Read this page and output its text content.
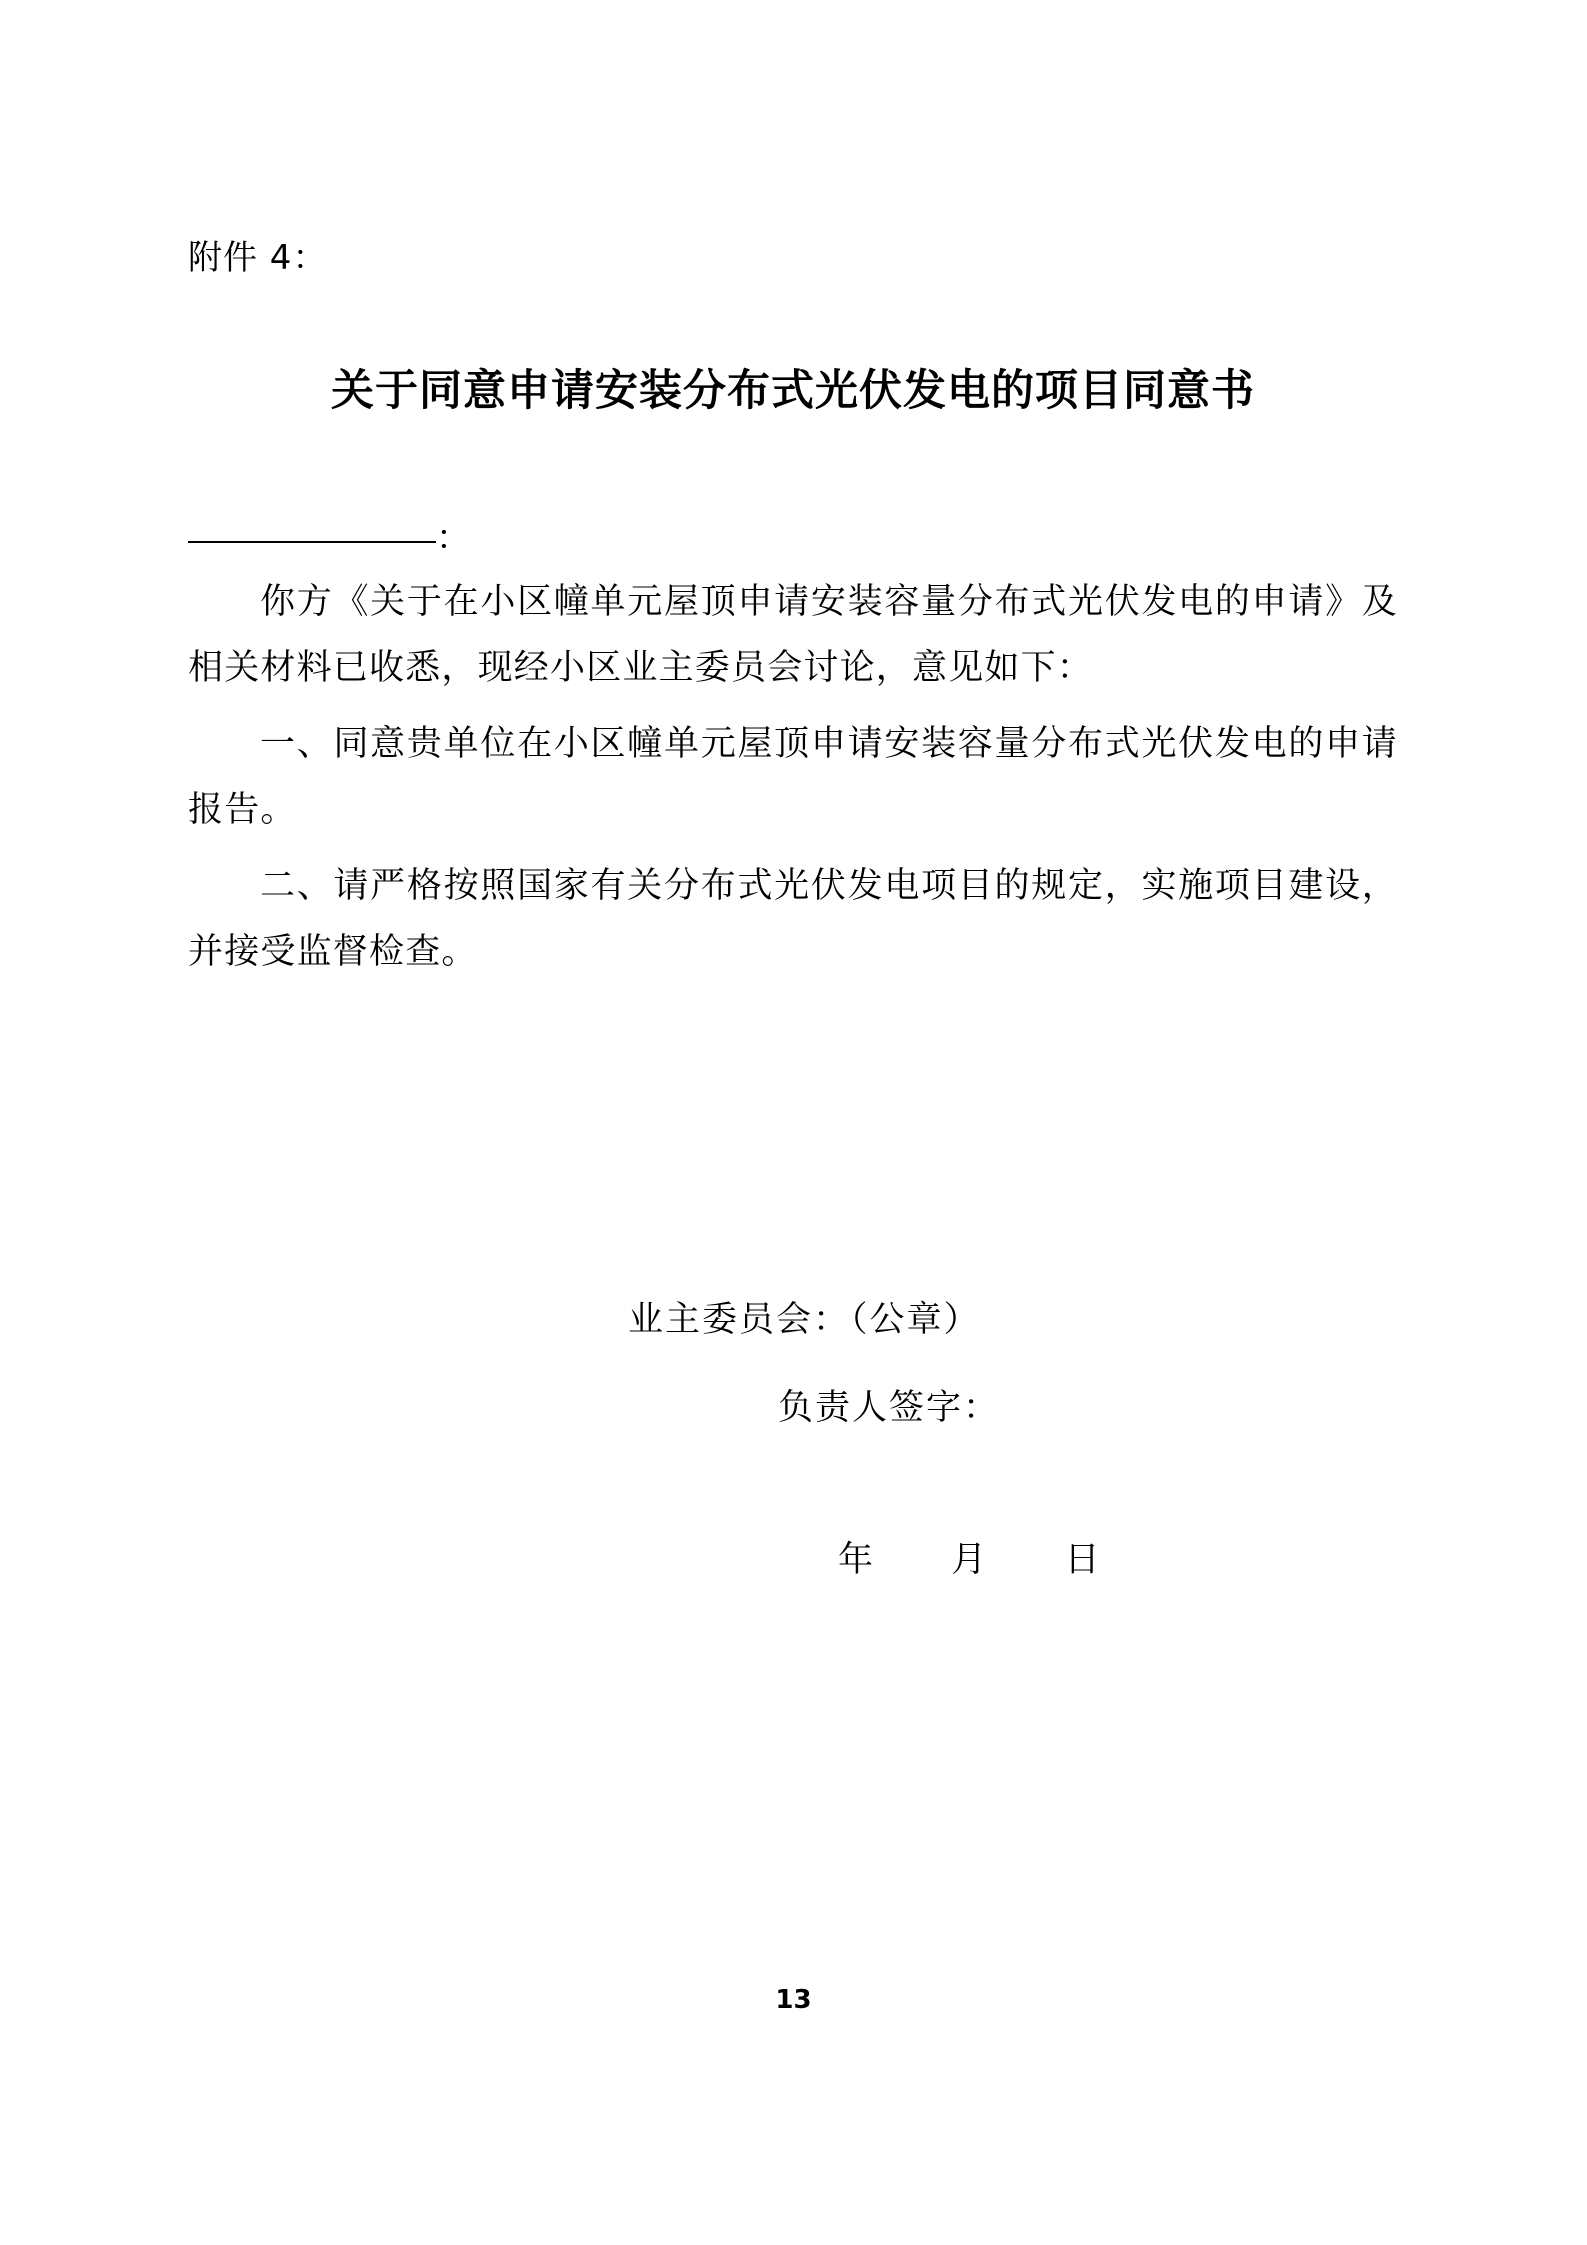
附件 4：
关于同意申请安装分布式光伏发电的项目同意书
：
你方《关于在小区幢单元屋顶申请安装容量分布式光伏发电的申请》及相关材料已收悉，现经小区业主委员会讨论，意见如下：
一、同意贵单位在小区幢单元屋顶申请安装容量分布式光伏发电的申请报告。
二、请严格按照国家有关分布式光伏发电项目的规定，实施项目建设，并接受监督检查。
业主委员会：（公章）
负责人签字：
年 月 日
13
